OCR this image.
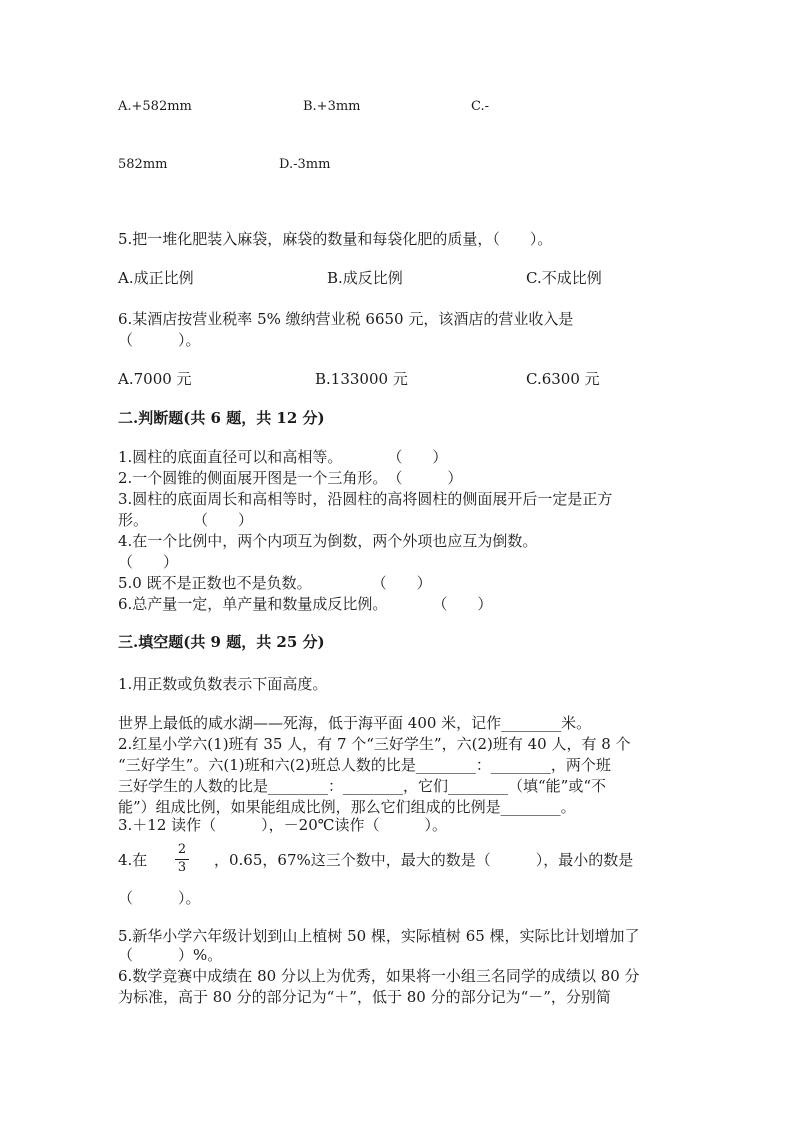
A.+582mm	B.+3mm	C.-
582mm	D.-3mm
5.把一堆化肥装入麻袋，麻袋的数量和每袋化肥的质量，（　　）。
A.成正比例	B.成反比例	C.不成比例
6.某酒店按营业税率 5% 缴纳营业税 6650 元，该酒店的营业收入是
（　　　）。
A.7000 元	B.133000 元	C.6300 元
二.判断题(共 6 题，共 12 分)
1.圆柱的底面直径可以和高相等。　　　　（　　）
2.一个圆锥的侧面展开图是一个三角形。　（　　　）
3.圆柱的底面周长和高相等时，沿圆柱的高将圆柱的侧面展开后一定是正方
形。　　　　（　　）
4.在一个比例中，两个内项互为倒数，两个外项也应互为倒数。
（　　）
5.0 既不是正数也不是负数。　　　　　（　　）
6.总产量一定，单产量和数量成反比例。　　　　（　　）
三.填空题(共 9 题，共 25 分)
1.用正数或负数表示下面高度。
世界上最低的咸水湖——死海，低于海平面 400 米，记作________米。
2.红星小学六(1)班有 35 人，有 7 个“三好学生”，六(2)班有 40 人，有 8 个
“三好学生”。六(1)班和六(2)班总人数的比是________：________，两个班
三好学生的人数的比是________：________，它们________（填“能”或“不
能”）组成比例，如果能组成比例，那么它们组成的比例是________。
3.＋12 读作（　　　），－20℃读作（　　　）。
4.在
2
3 ，0.65，67%这三个数中，最大的数是（　　　），最小的数是
（　　　）。
5.新华小学六年级计划到山上植树 50 棵，实际植树 65 棵，实际比计划增加了
（　　　）%。
6.数学竞赛中成绩在 80 分以上为优秀，如果将一小组三名同学的成绩以 80 分
为标准，高于 80 分的部分记为“＋”，低于 80 分的部分记为“－”，分别简
